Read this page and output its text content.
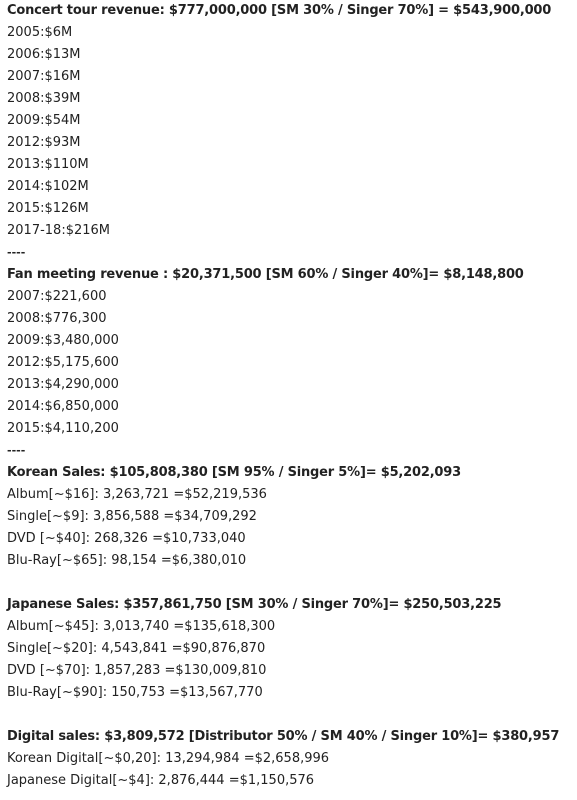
Concert tour revenue: $777,000,000 [SM 30% / Singer 70%] = $543,900,000
2005:$6M
2006:$13M
2007:$16M
2008:$39M
2009:$54M
2012:$93M
2013:$110M
2014:$102M
2015:$126M
2017-18:$216M
----
Fan meeting revenue : $20,371,500 [SM 60% / Singer 40%]= $8,148,800
2007:$221,600
2008:$776,300
2009:$3,480,000
2012:$5,175,600
2013:$4,290,000
2014:$6,850,000
2015:$4,110,200
----
Korean Sales: $105,808,380 [SM 95% / Singer 5%]= $5,202,093
Album[~$16]: 3,263,721 =$52,219,536
Single[~$9]: 3,856,588 =$34,709,292
DVD [~$40]: 268,326 =$10,733,040
Blu-Ray[~$65]: 98,154 =$6,380,010
Japanese Sales: $357,861,750 [SM 30% / Singer 70%]= $250,503,225
Album[~$45]: 3,013,740 =$135,618,300
Single[~$20]: 4,543,841 =$90,876,870
DVD [~$70]: 1,857,283 =$130,009,810
Blu-Ray[~$90]: 150,753 =$13,567,770
Digital sales: $3,809,572 [Distributor 50% / SM 40% / Singer 10%]= $380,957
Korean Digital[~$0,20]: 13,294,984 =$2,658,996
Japanese Digital[~$4]: 2,876,444 =$1,150,576
